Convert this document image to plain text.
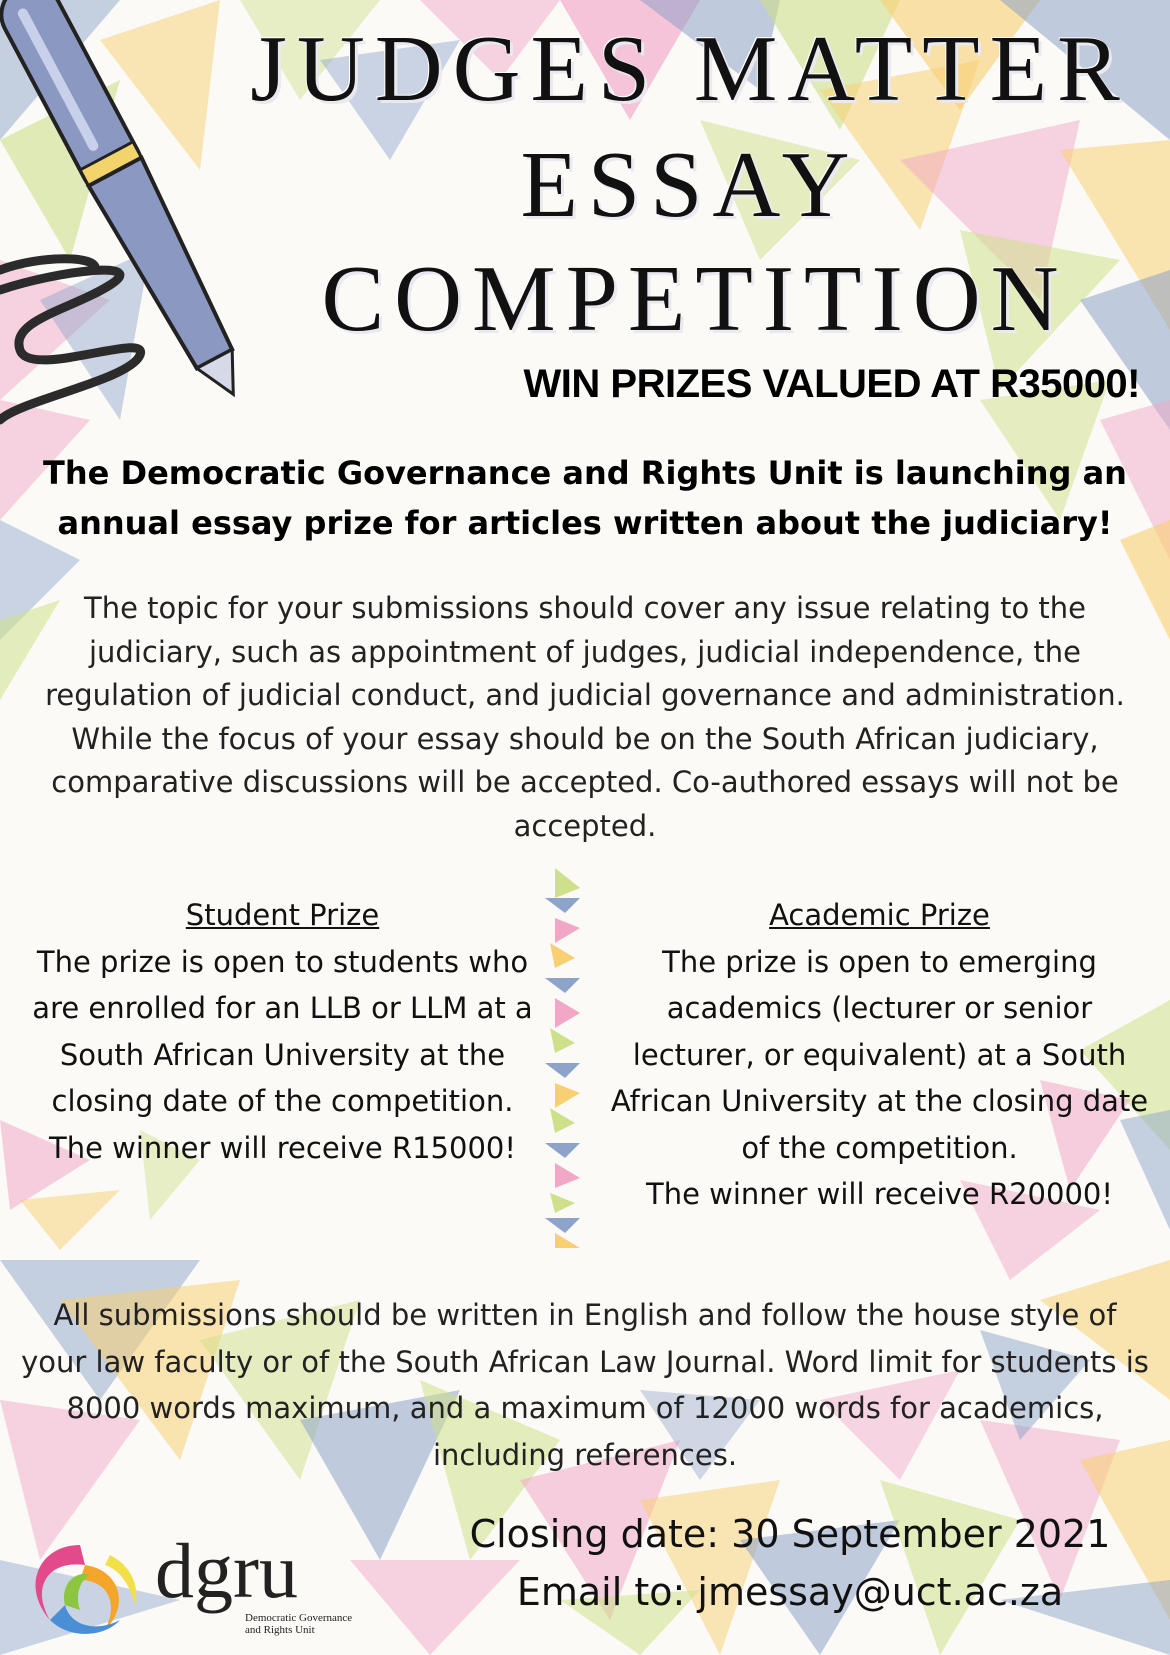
JUDGES MATTER
ESSAY
COMPETITION
WIN PRIZES VALUED AT R35000!
The Democratic Governance and Rights Unit is launching an annual essay prize for articles written about the judiciary!
The topic for your submissions should cover any issue relating to the judiciary, such as appointment of judges, judicial independence, the regulation of judicial conduct, and judicial governance and administration. While the focus of your essay should be on the South African judiciary, comparative discussions will be accepted. Co-authored essays will not be accepted.
Student Prize
The prize is open to students who are enrolled for an LLB or LLM at a South African University at the closing date of the competition.
The winner will receive R15000!
Academic Prize
The prize is open to emerging academics (lecturer or senior lecturer, or equivalent) at a South African University at the closing date of the competition.
The winner will receive R20000!
All submissions should be written in English and follow the house style of your law faculty or of the South African Law Journal. Word limit for students is 8000 words maximum, and a maximum of 12000 words for academics, including references.
Closing date: 30 September 2021
Email to: jmessay@uct.ac.za
dgru
Democratic Governance and Rights Unit
